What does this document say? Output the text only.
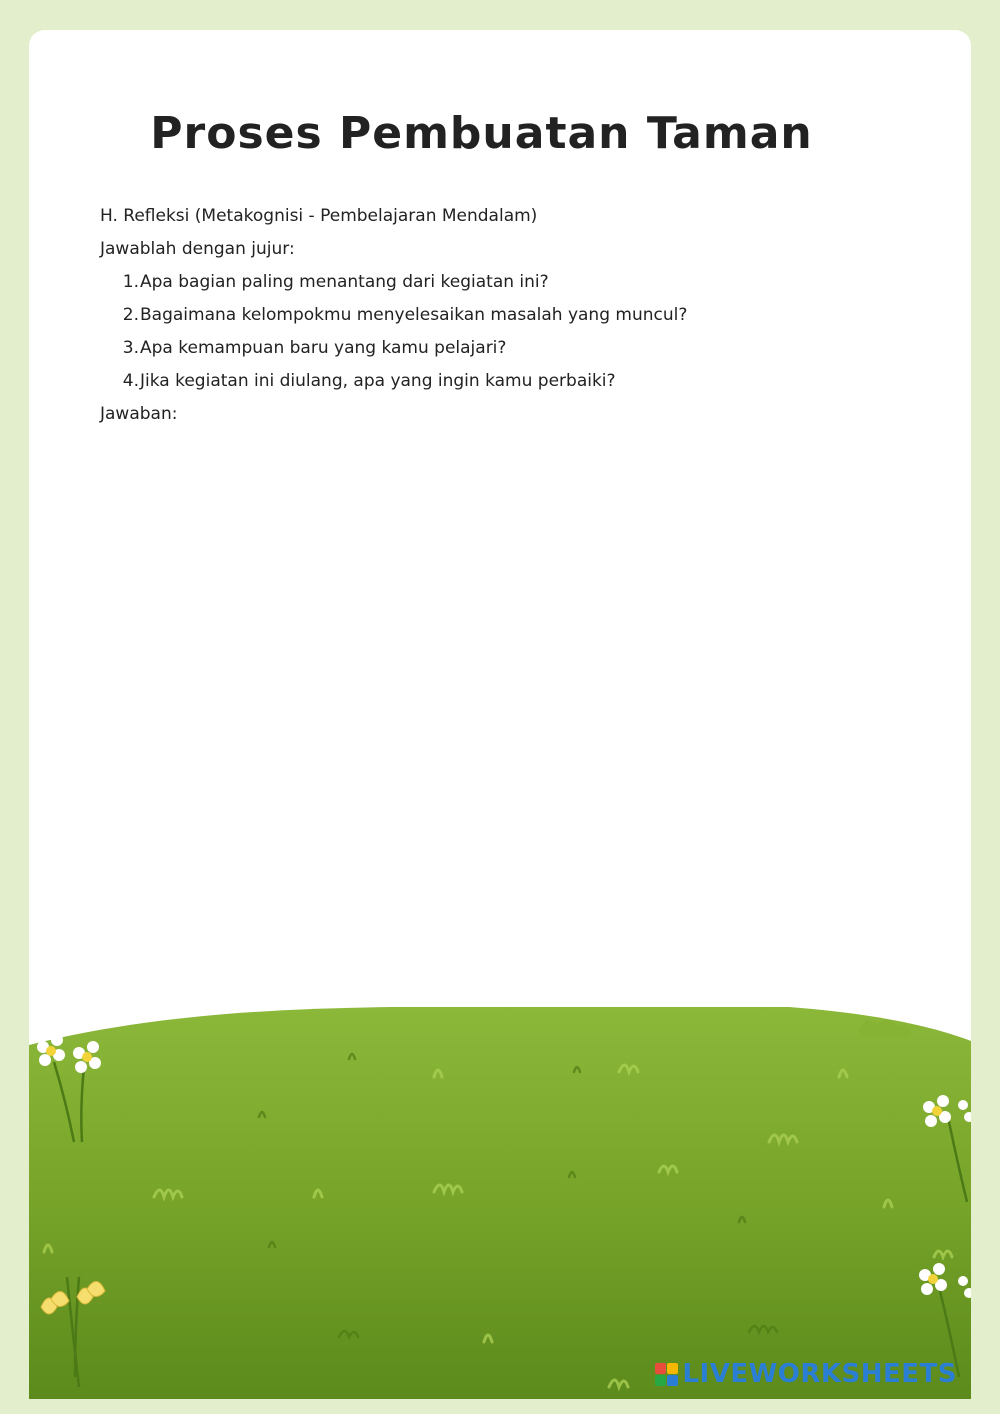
Proses Pembuatan Taman
H. Refleksi (Metakognisi - Pembelajaran Mendalam)
Jawablah dengan jujur:
1. Apa bagian paling menantang dari kegiatan ini?
2. Bagaimana kelompokmu menyelesaikan masalah yang muncul?
3. Apa kemampuan baru yang kamu pelajari?
4. Jika kegiatan ini diulang, apa yang ingin kamu perbaiki?
Jawaban:
LIVEWORKSHEETS
